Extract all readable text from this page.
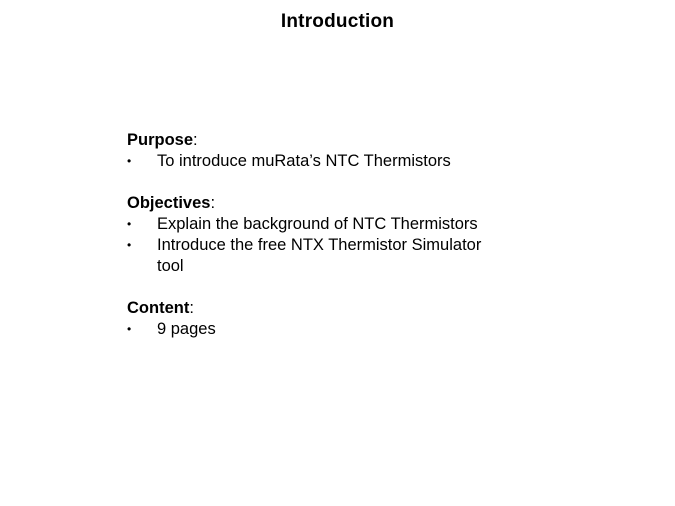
Introduction
Purpose:
• To introduce muRata’s NTC Thermistors
Objectives:
• Explain the background of NTC Thermistors
• Introduce the free NTX Thermistor Simulator tool
Content:
• 9 pages
